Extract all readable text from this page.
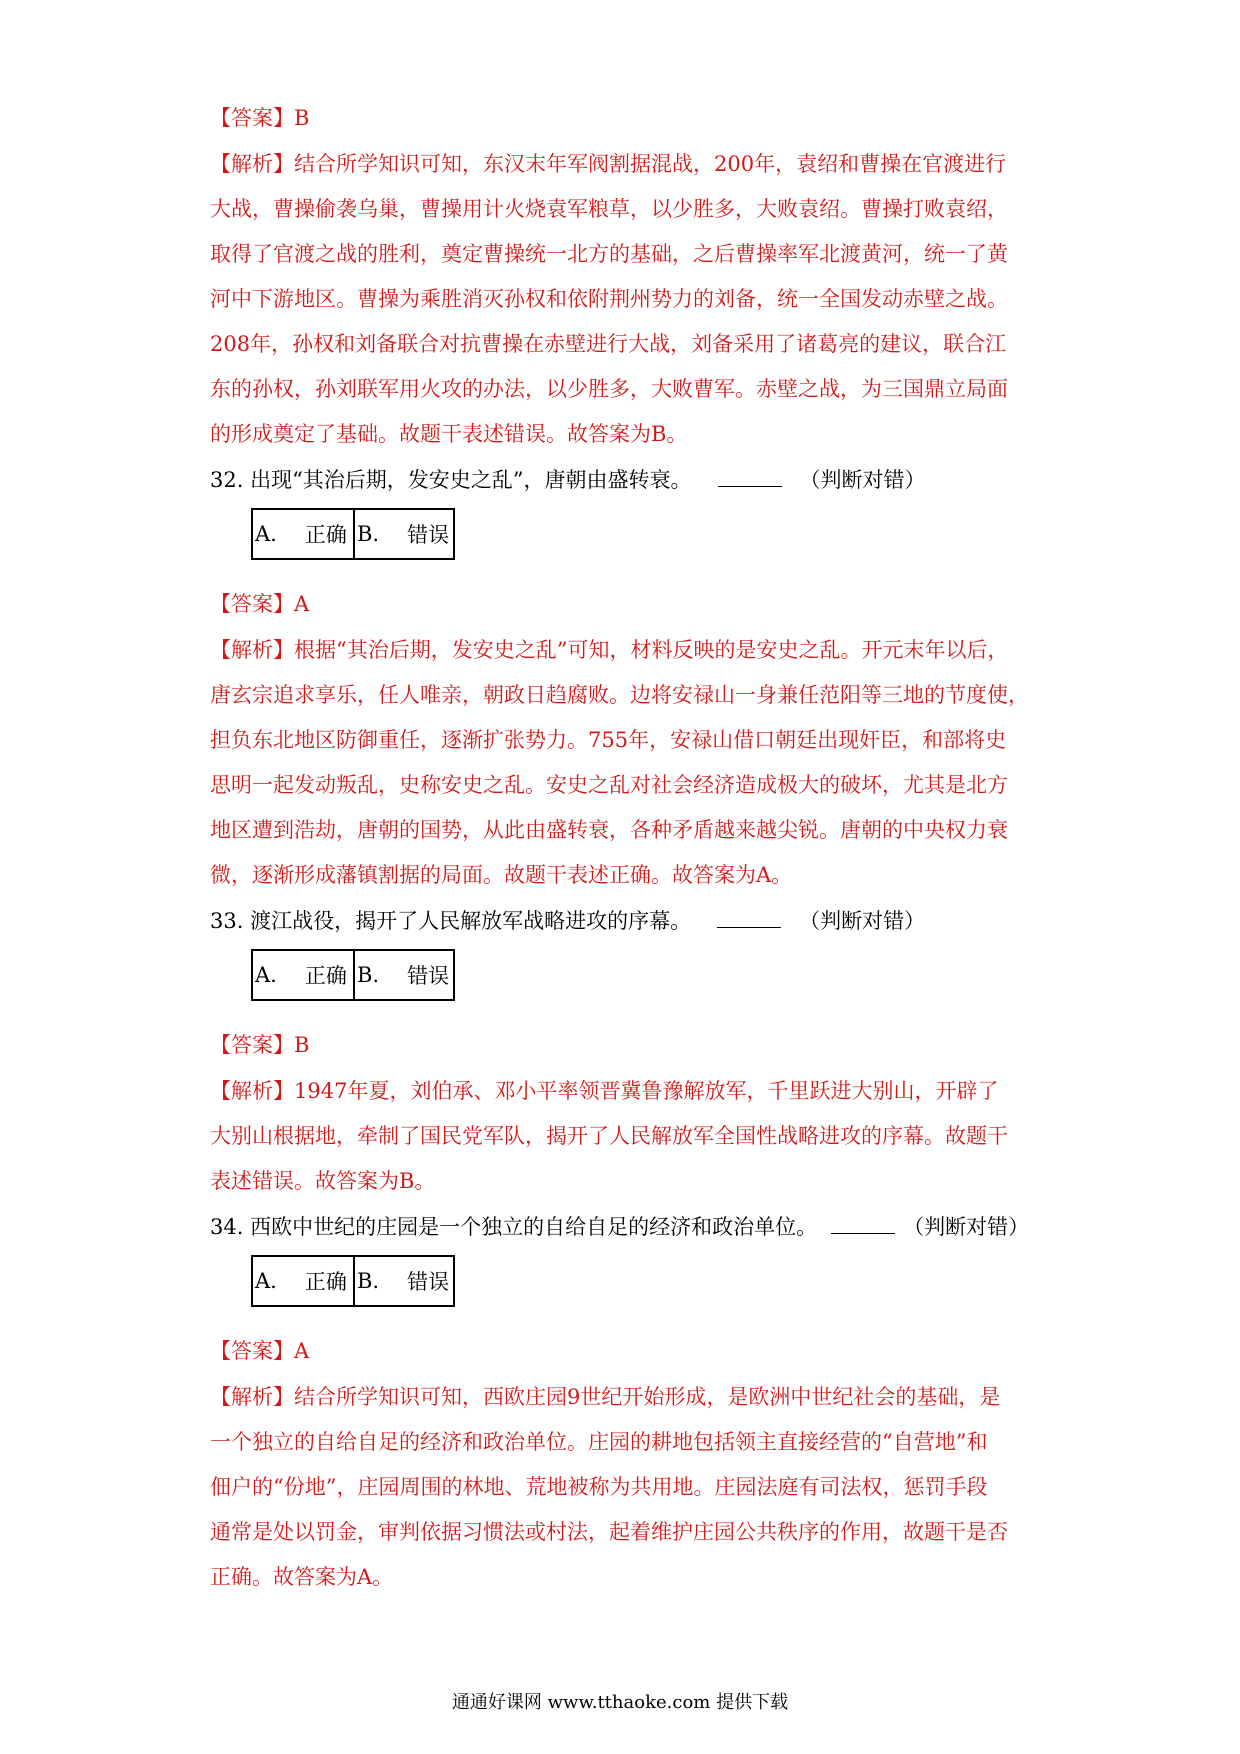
【答案】B
【解析】结合所学知识可知，东汉末年军阀割据混战，200年，袁绍和曹操在官渡进行
大战，曹操偷袭乌巢，曹操用计火烧袁军粮草，以少胜多，大败袁绍。曹操打败袁绍，
取得了官渡之战的胜利，奠定曹操统一北方的基础，之后曹操率军北渡黄河，统一了黄
河中下游地区。曹操为乘胜消灭孙权和依附荆州势力的刘备，统一全国发动赤壁之战。
208年，孙权和刘备联合对抗曹操在赤壁进行大战，刘备采用了诸葛亮的建议，联合江
东的孙权，孙刘联军用火攻的办法，以少胜多，大败曹军。赤壁之战，为三国鼎立局面
的形成奠定了基础。故题干表述错误。故答案为B。
32. 出现“其治后期，发安史之乱”，唐朝由盛转衰。	（判断对错）
A. 正确 B. 错误
【答案】A
【解析】根据“其治后期，发安史之乱”可知，材料反映的是安史之乱。开元末年以后，
唐玄宗追求享乐，任人唯亲，朝政日趋腐败。边将安禄山一身兼任范阳等三地的节度使，
担负东北地区防御重任，逐渐扩张势力。755年，安禄山借口朝廷出现奸臣，和部将史
思明一起发动叛乱，史称安史之乱。安史之乱对社会经济造成极大的破坏，尤其是北方
地区遭到浩劫，唐朝的国势，从此由盛转衰，各种矛盾越来越尖锐。唐朝的中央权力衰
微，逐渐形成藩镇割据的局面。故题干表述正确。故答案为A。
33. 渡江战役，揭开了人民解放军战略进攻的序幕。	（判断对错）
A. 正确 B. 错误
【答案】B
【解析】1947年夏，刘伯承、邓小平率领晋冀鲁豫解放军，千里跃进大别山，开辟了
大别山根据地，牵制了国民党军队，揭开了人民解放军全国性战略进攻的序幕。故题干
表述错误。故答案为B。
34. 西欧中世纪的庄园是一个独立的自给自足的经济和政治单位。	（判断对错）
A. 正确 B. 错误
【答案】A
【解析】结合所学知识可知，西欧庄园9世纪开始形成，是欧洲中世纪社会的基础，是
一个独立的自给自足的经济和政治单位。庄园的耕地包括领主直接经营的“自营地”和
佃户的“份地”，庄园周围的林地、荒地被称为共用地。庄园法庭有司法权，惩罚手段
通常是处以罚金，审判依据习惯法或村法，起着维护庄园公共秩序的作用，故题干是否
正确。故答案为A。
通通好课网 www.tthaoke.com 提供下载
